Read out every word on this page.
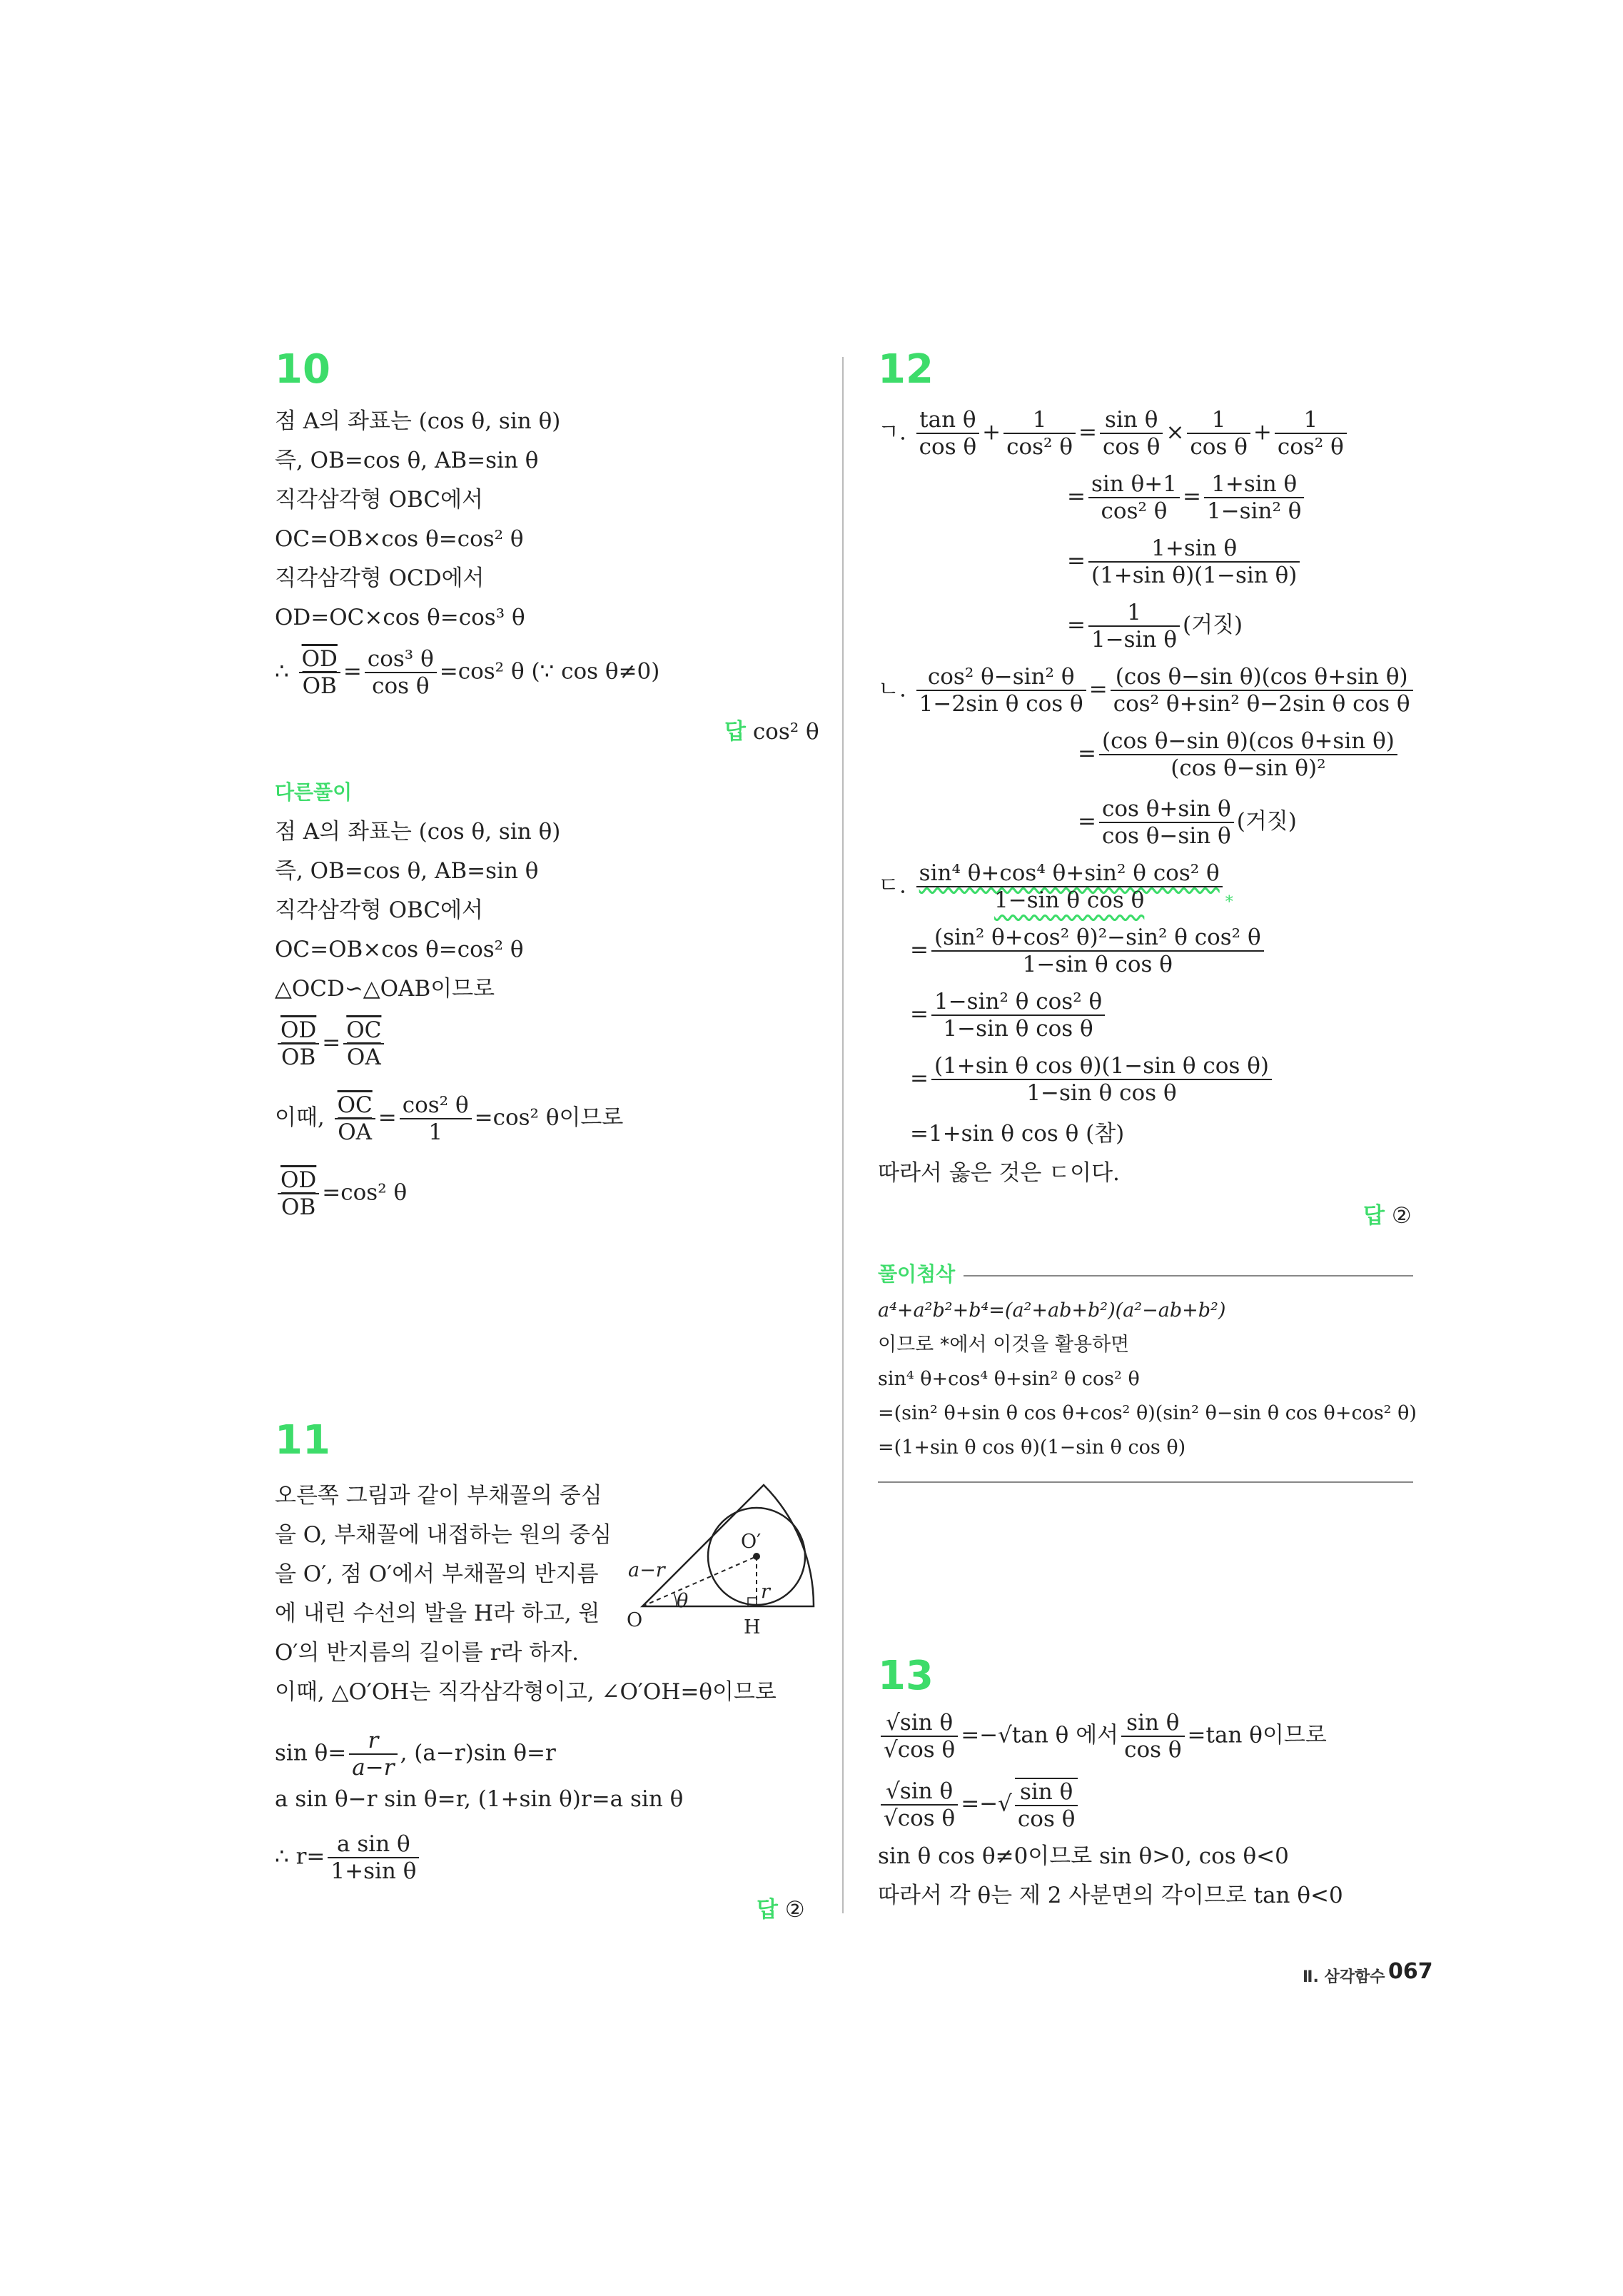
10
점 A의 좌표는 (cos θ, sin θ)
즉, OB=cos θ, AB=sin θ
직각삼각형 OBC에서
OC=OB×cos θ=cos² θ
직각삼각형 OCD에서
OD=OC×cos θ=cos³ θ
∴ $\frac{\overline{OD}}{OB} = \frac{\text{cos³ θ}}{\text{cos θ}} =\cos^2$ θ (∵ cos θ≠0)
답 cos² θ
다른풀이
점 A의 좌표는 (cos θ, sin θ)
즉, OB=cos θ, AB=sin θ
직각삼각형 OBC에서
OC=OB×cos θ=cos² θ
△OCD∽△OAB이므로
$\frac{\overline{OD}}{OB} = \frac{\overline{OC}}{OA}$
이때, $\frac{\overline{OC}}{OA} = \frac{\text{cos² θ}}{1} =\cos^2$ θ이므로
$\frac{\overline{OD}}{OB} =\cos^2$ θ
11
오른쪽 그림과 같이 부채꼴의 중심
을 O, 부채꼴에 내접하는 원의 중심
을 O′, 점 O′에서 부채꼴의 반지름
에 내린 수선의 발을 H라 하고, 원
O′의 반지름의 길이를 r라 하자.
이때, △O′OH는 직각삼각형이고, ∠O′OH=θ이므로
O
O′
H
a−r
θ	r
$\sin \theta= \frac{r}{a-r}$ , (a−r)sin θ=r
a sin θ−r sin θ=r, (1+sin θ)r=a sin θ
∴ $r= \frac{\text{a sin θ}}{\text{1+sin θ}}$
답 ②
12
ㄱ. $\frac{\text{tan θ}}{\text{cos θ}} + \frac{1}{\text{cos² θ}} = \frac{\text{sin θ}}{\text{cos θ}} \times \frac{1}{\text{cos θ}} + \frac{1}{\text{cos² θ}}$
= $\frac{\text{sin θ+1}}{\text{cos² θ}} = \frac{\text{1+sin θ}}{\text{1−sin² θ}}$
= $\frac{\text{1+sin θ}}{\text{(1+sin θ)(1−sin θ)}}$
= $\frac{1}{\text{1−sin θ}}$ (거짓)
ㄴ. $\frac{\text{cos² θ−sin² θ}}{\text{1−2sin θ cos θ}} = \frac{\text{(cos θ−sin θ)(cos θ+sin θ)}}{\text{cos² θ+sin² θ−2sin θ cos θ}}$
= $\frac{\text{(cos θ−sin θ)(cos θ+sin θ)}}{\text{(cos θ−sin θ)²}}$
= $\frac{\text{cos θ+sin θ}}{\text{cos θ−sin θ}}$ (거짓)
ㄷ. $\frac{\text{sin⁴ θ+cos⁴ θ+sin² θ cos² θ}}{\text{1−sin θ cos θ}} _*$
= $\frac{\text{(sin² θ+cos² θ)²−sin² θ cos² θ}}{\text{1−sin θ cos θ}}$
= $\frac{\text{1−sin² θ cos² θ}}{\text{1−sin θ cos θ}}$
= $\frac{\text{(1+sin θ cos θ)(1−sin θ cos θ)}}{\text{1−sin θ cos θ}}$
=1+sin θ cos θ (참)
따라서 옳은 것은 ㄷ이다.
답 ②
풀이첨삭
a⁴+a²b²+b⁴=(a²+ab+b²)(a²−ab+b²)
이므로 *에서 이것을 활용하면
sin⁴ θ+cos⁴ θ+sin² θ cos² θ
=(sin² θ+sin θ cos θ+cos² θ)(sin² θ−sin θ cos θ+cos² θ)
=(1+sin θ cos θ)(1−sin θ cos θ)
13
$\frac{\text{√sin θ}}{\text{√cos θ}} =-√\tan$ θ 에서 $\frac{\text{sin θ}}{\text{cos θ}} =\tan$ θ이므로
$\frac{\text{√sin θ}}{\text{√cos θ}}$ =−√ $\frac{\text{sin θ}}{\text{cos θ}}$
sin θ cos θ≠0이므로 sin θ>0, cos θ<0
따라서 각 θ는 제 2 사분면의 각이므로 tan θ<0
Ⅱ. 삼각함수 067
